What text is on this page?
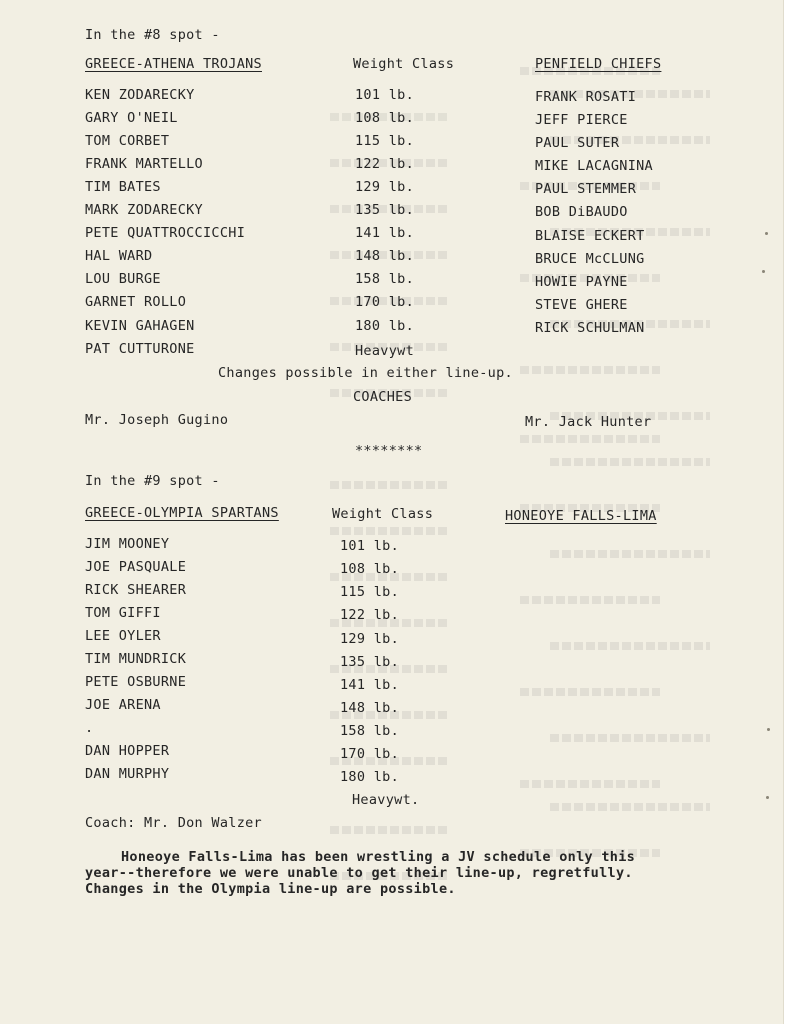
In the #8 spot -
GREECE-ATHENA TROJANS	Weight Class	PENFIELD CHIEFS
KEN ZODARECKY	101 lb.	FRANK ROSATI
GARY O'NEIL	108 lb.	JEFF PIERCE
TOM CORBET	115 lb.	PAUL SUTER
FRANK MARTELLO	122 lb.	MIKE LACAGNINA
TIM BATES	129 lb.	PAUL STEMMER
MARK ZODARECKY	135 lb.	BOB DiBAUDO
PETE QUATTROCCICCHI	141 lb.	BLAISE ECKERT
HAL WARD	148 lb.	BRUCE McCLUNG
LOU BURGE	158 lb.	HOWIE PAYNE
GARNET ROLLO	170 lb.	STEVE GHERE
KEVIN GAHAGEN	180 lb.	RICK SCHULMAN
PAT CUTTURONE	Heavywt
Changes possible in either line-up.
COACHES
Mr. Joseph Gugino	Mr. Jack Hunter
********
In the #9 spot -
GREECE-OLYMPIA SPARTANS	Weight Class	HONEOYE FALLS-LIMA
JIM MOONEY	101 lb.
JOE PASQUALE	108 lb.
RICK SHEARER	115 lb.
TOM GIFFI	122 lb.
LEE OYLER	129 lb.
TIM MUNDRICK	135 lb.
PETE OSBURNE	141 lb.
JOE ARENA	148 lb.
.	158 lb.
DAN HOPPER	170 lb.
DAN MURPHY	180 lb.
Heavywt.
Coach: Mr. Don Walzer
Honeoye Falls-Lima has been wrestling a JV schedule only this
year--therefore we were unable to get their line-up, regretfully.
Changes in the Olympia line-up are possible.
